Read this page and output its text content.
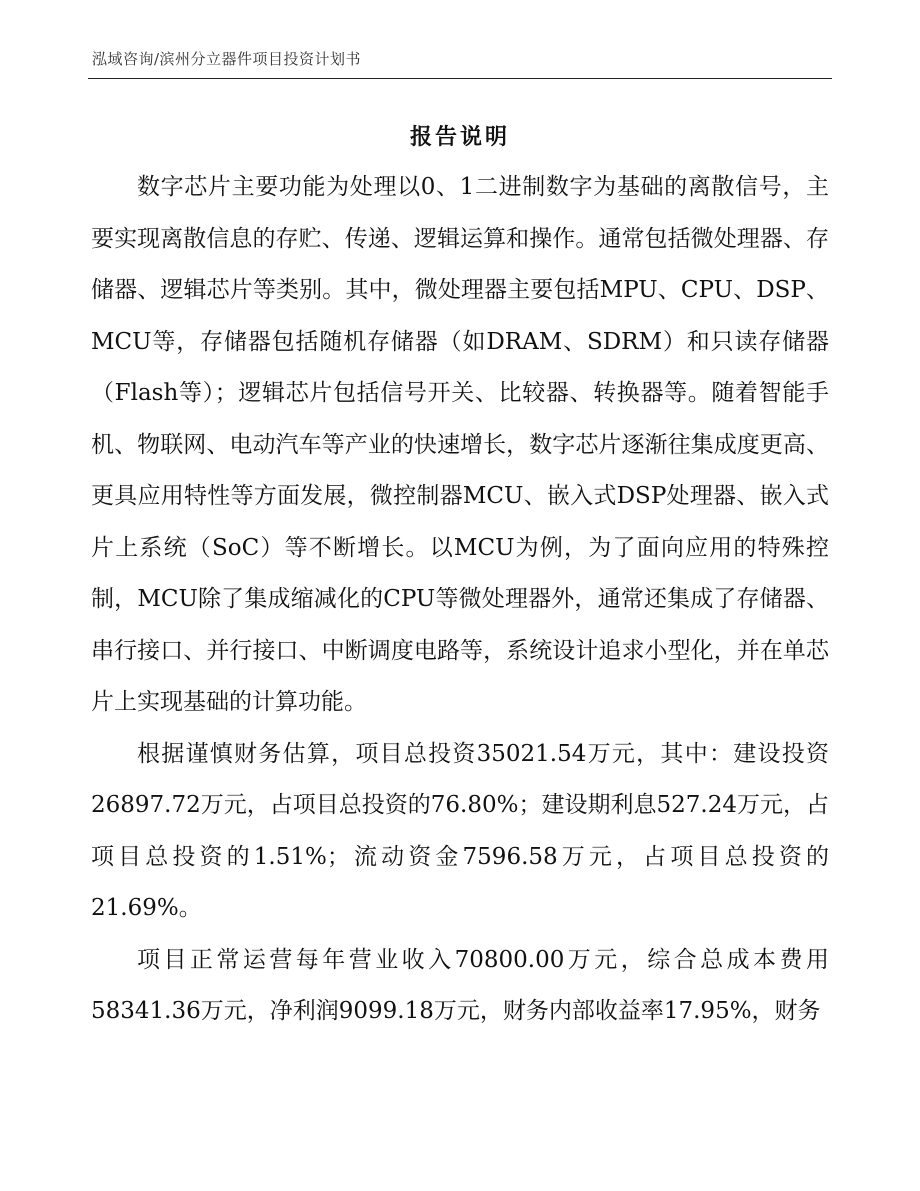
泓域咨询/滨州分立器件项目投资计划书
报告说明

数字芯片主要功能为处理以0、1二进制数字为基础的离散信号，主要实现离散信息的存贮、传递、逻辑运算和操作。通常包括微处理器、存储器、逻辑芯片等类别。其中，微处理器主要包括MPU、CPU、DSP、MCU等，存储器包括随机存储器（如DRAM、SDRM）和只读存储器（Flash等）；逻辑芯片包括信号开关、比较器、转换器等。随着智能手机、物联网、电动汽车等产业的快速增长，数字芯片逐渐往集成度更高、更具应用特性等方面发展，微控制器MCU、嵌入式DSP处理器、嵌入式片上系统（SoC）等不断增长。以MCU为例，为了面向应用的特殊控制，MCU除了集成缩减化的CPU等微处理器外，通常还集成了存储器、串行接口、并行接口、中断调度电路等，系统设计追求小型化，并在单芯片上实现基础的计算功能。

根据谨慎财务估算，项目总投资35021.54万元，其中：建设投资26897.72万元，占项目总投资的76.80%；建设期利息527.24万元，占项目总投资的1.51%；流动资金7596.58万元，占项目总投资的21.69%。

项目正常运营每年营业收入70800.00万元，综合总成本费用58341.36万元，净利润9099.18万元，财务内部收益率17.95%，财务
